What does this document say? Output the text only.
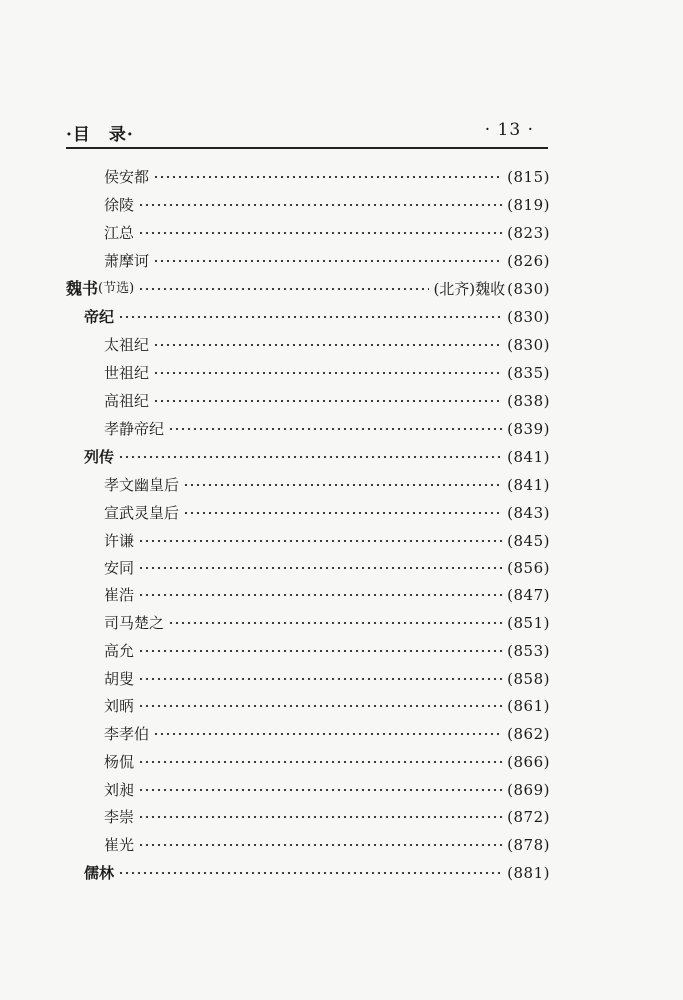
·目　录·	· 13 ·
侯安都	(815)
徐陵	(819)
江总	(823)
萧摩诃	(826)
魏书 (节选)	(北齐)魏收 (830)
帝纪	(830)
太祖纪	(830)
世祖纪	(835)
高祖纪	(838)
孝静帝纪	(839)
列传	(841)
孝文幽皇后	(841)
宣武灵皇后	(843)
许谦	(845)
安同	(856)
崔浩	(847)
司马楚之	(851)
高允	(853)
胡叟	(858)
刘昞	(861)
李孝伯	(862)
杨侃	(866)
刘昶	(869)
李崇	(872)
崔光	(878)
儒林	(881)
